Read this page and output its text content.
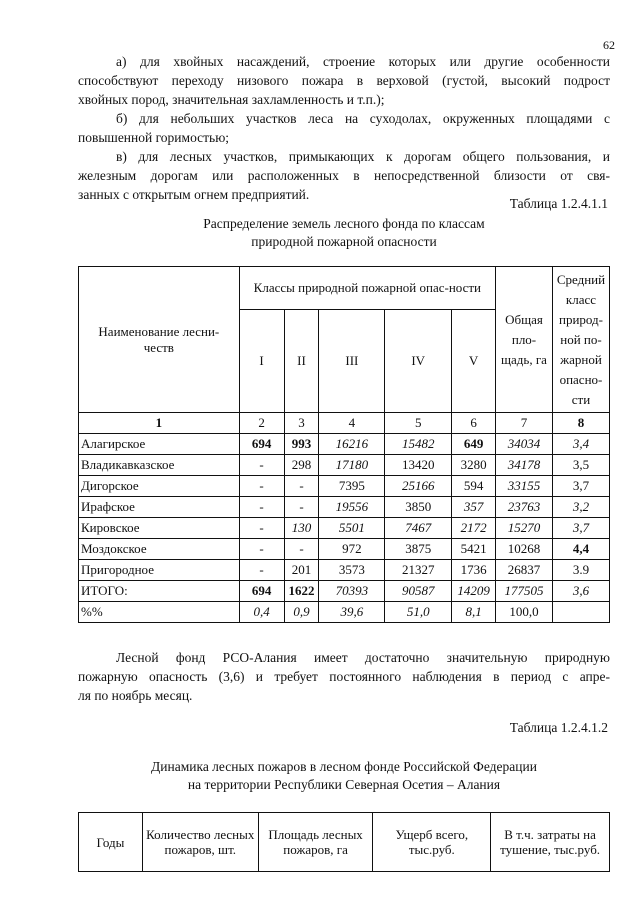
62
а) для хвойных насаждений, строение которых или другие особенности
способствуют переходу низового пожара в верховой (густой, высокий подрост
хвойных пород, значительная захламленность и т.п.);
б) для небольших участков леса на суходолах, окруженных площадями с
повышенной горимостью;
в) для лесных участков, примыкающих к дорогам общего пользования, и
железным дорогам или расположенных в непосредственной близости от свя-
занных с открытым огнем предприятий.
Таблица 1.2.4.1.1
Распределение земель лесного фонда по классам
природной пожарной опасности
Наименование лесни-честв	Классы природной пожарной опас-ности					Общая пло-щадь, га	Средний класс природ-ной по-жарной опасно-сти
	I	II	III	IV	V		
1	2	3	4	5	6	7	8
Алагирское	694	993	16216	15482	649	34034	3,4
Владикавказское	-	298	17180	13420	3280	34178	3,5
Дигорское	-	-	7395	25166	594	33155	3,7
Ирафское	-	-	19556	3850	357	23763	3,2
Кировское	-	130	5501	7467	2172	15270	3,7
Моздокское	-	-	972	3875	5421	10268	4,4
Пригородное	-	201	3573	21327	1736	26837	3.9
ИТОГО:	694	1622	70393	90587	14209	177505	3,6
%%	0,4	0,9	39,6	51,0	8,1	100,0	
Лесной фонд РСО-Алания имеет достаточно значительную природную
пожарную опасность (3,6) и требует постоянного наблюдения в период с апре-
ля по ноябрь месяц.
Таблица 1.2.4.1.2
Динамика лесных пожаров в лесном фонде Российской Федерации
на территории Республики Северная Осетия – Алания
Годы	Количество лесных пожаров, шт.	Площадь лесных пожаров, га	Ущерб всего, тыс.руб.	В т.ч. затраты на тушение, тыс.руб.
